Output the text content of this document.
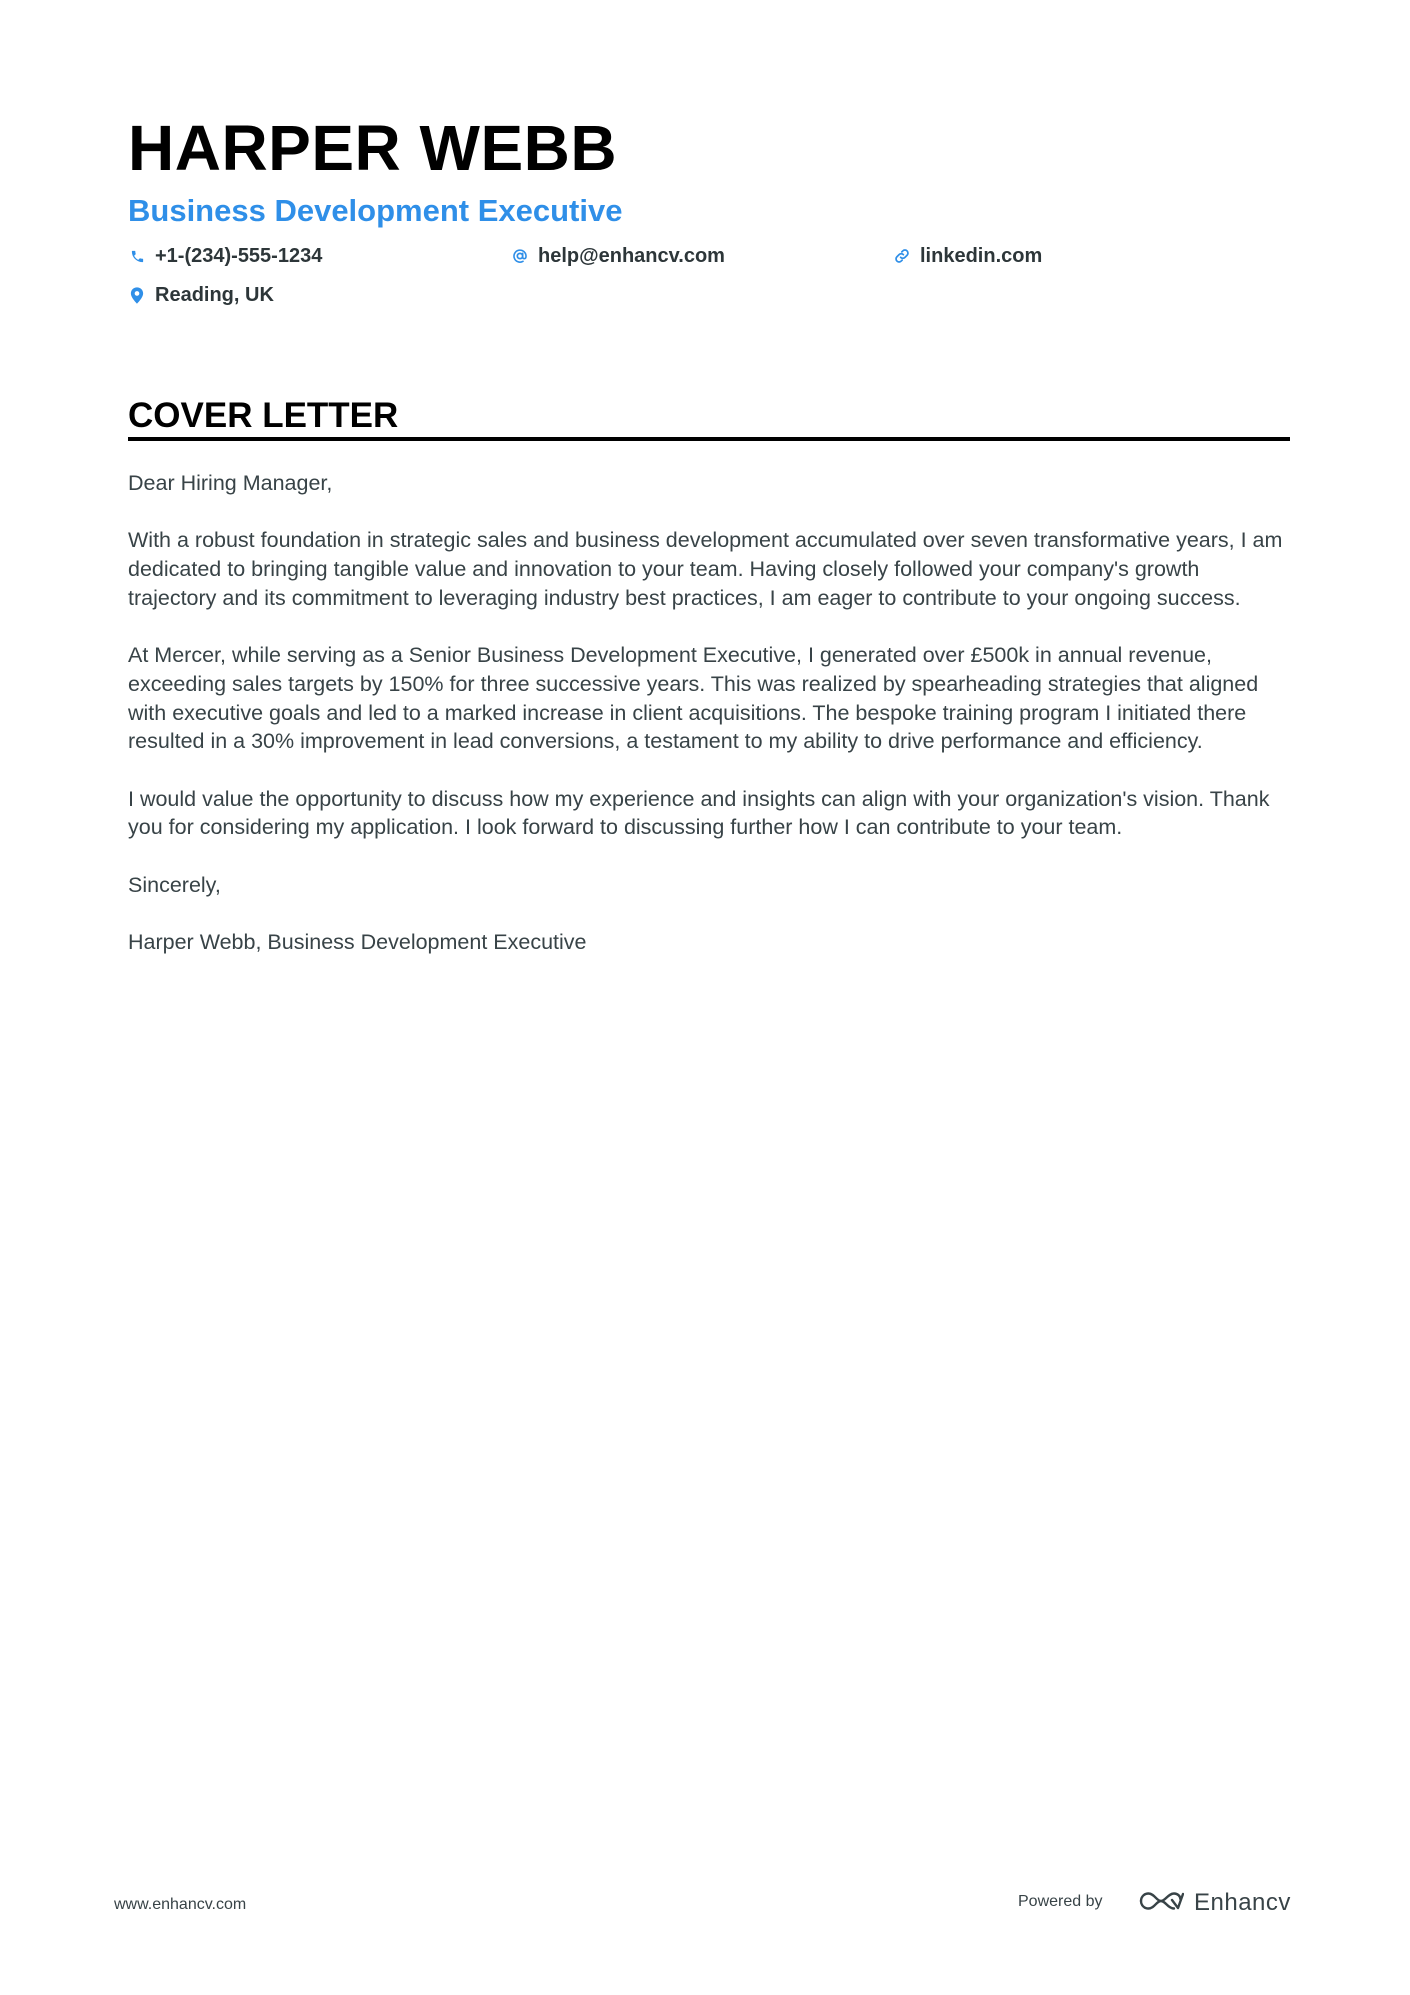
HARPER WEBB
Business Development Executive
+1-(234)-555-1234	help@enhancv.com	linkedin.com
Reading, UK
COVER LETTER

Dear Hiring Manager,

With a robust foundation in strategic sales and business development accumulated over seven transformative years, I am dedicated to bringing tangible value and innovation to your team. Having closely followed your company's growth trajectory and its commitment to leveraging industry best practices, I am eager to contribute to your ongoing success.

At Mercer, while serving as a Senior Business Development Executive, I generated over £500k in annual revenue, exceeding sales targets by 150% for three successive years. This was realized by spearheading strategies that aligned with executive goals and led to a marked increase in client acquisitions. The bespoke training program I initiated there resulted in a 30% improvement in lead conversions, a testament to my ability to drive performance and efficiency.

I would value the opportunity to discuss how my experience and insights can align with your organization's vision. Thank you for considering my application. I look forward to discussing further how I can contribute to your team.

Sincerely,

Harper Webb, Business Development Executive

www.enhancv.com	Powered by	Enhancv
